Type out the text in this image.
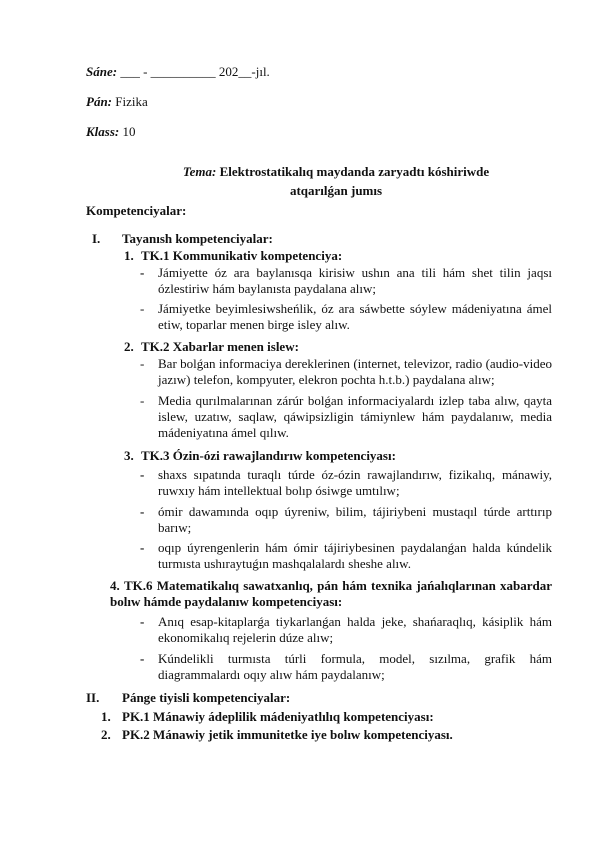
Sáne: ___ - __________ 202__-jıl.
Pán: Fizika
Klass: 10
Tema: Elektrostatikalıq maydanda zaryadtı kóshiriwde
atqarılǵan jumıs
Kompetenciyalar:
I. Tayanısh kompetenciyalar:
1. TK.1 Kommunikativ kompetenciya:
-	Jámiyette óz ara baylanısqa kirisiw ushın ana tili hám shet tilin jaqsı ózlestiriw hám baylanısta paydalana alıw;
-	Jámiyetke beyimlesiwsheńlik, óz ara sáwbette sóylew mádeniyatına ámel etiw, toparlar menen birge isley alıw.
2. TK.2 Xabarlar menen islew:
-	Bar bolǵan informaciya dereklerinen (internet, televizor, radio (audio-video jazıw) telefon, kompyuter, elekron pochta h.t.b.) paydalana alıw;
-	Media qurılmalarınan zárúr bolǵan informaciyalardı izlep taba alıw, qayta islew, uzatıw, saqlaw, qáwipsizligin támiynlew hám paydalanıw, media mádeniyatına ámel qılıw.
3. TK.3 Ózin-ózi rawajlandırıw kompetenciyası:
-	shaxs sıpatında turaqlı túrde óz-ózin rawajlandırıw, fizikalıq, mánawiy, ruwxıy hám intellektual bolıp ósiwge umtılıw;
-	ómir dawamında oqıp úyreniw, bilim, tájiriybeni mustaqıl túrde arttırıp barıw;
-	oqıp úyrengenlerin hám ómir tájiriybesinen paydalanǵan halda kúndelik turmısta ushıraytuǵın mashqalalardı sheshe alıw.
4. TK.6 Matematikalıq sawatxanlıq, pán hám texnika jańalıqlarınan xabardar bolıw hámde paydalanıw kompetenciyası:
-	Anıq esap-kitaplarǵa tiykarlanǵan halda jeke, shańaraqlıq, kásiplik hám ekonomikalıq rejelerin dúze alıw;
-	Kúndelikli turmısta túrli formula, model, sızılma, grafik hám diagrammalardı oqıy alıw hám paydalanıw;
II. Pánge tiyisli kompetenciyalar:
1. PK.1 Mánawiy ádeplilik mádeniyatlılıq kompetenciyası:
2. PK.2 Mánawiy jetik immunitetke iye bolıw kompetenciyası.
